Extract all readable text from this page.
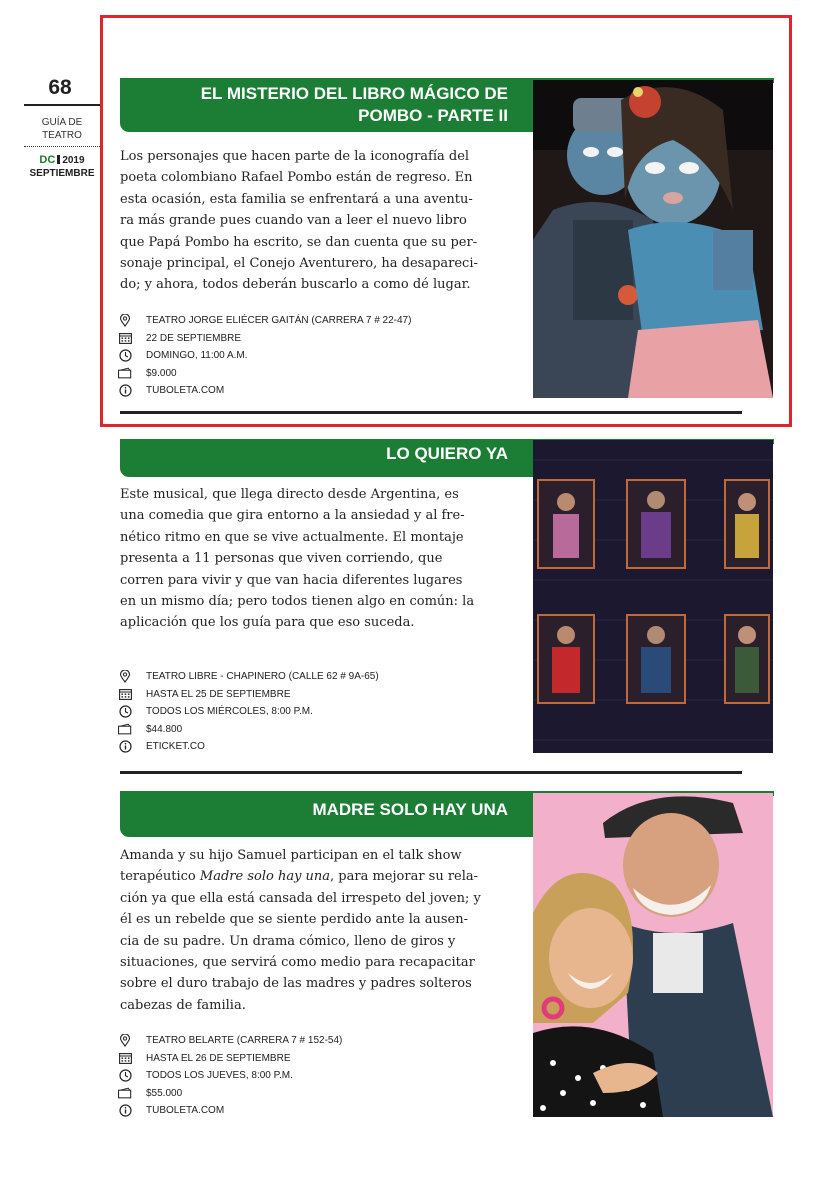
68
GUÍA DE
TEATRO
DC 2019
SEPTIEMBRE
EL MISTERIO DEL LIBRO MÁGICO DE
POMBO - PARTE II
Los personajes que hacen parte de la iconografía del
poeta colombiano Rafael Pombo están de regreso. En
esta ocasión, esta familia se enfrentará a una aventu-
ra más grande pues cuando van a leer el nuevo libro
que Papá Pombo ha escrito, se dan cuenta que su per-
sonaje principal, el Conejo Aventurero, ha desapareci-
do; y ahora, todos deberán buscarlo a como dé lugar.
TEATRO JORGE ELIÉCER GAITÁN (CARRERA 7 # 22-47)
22 DE SEPTIEMBRE
DOMINGO, 11:00 A.M.
$9.000
TUBOLETA.COM
LO QUIERO YA
Este musical, que llega directo desde Argentina, es
una comedia que gira entorno a la ansiedad y al fre-
nético ritmo en que se vive actualmente. El montaje
presenta a 11 personas que viven corriendo, que
corren para vivir y que van hacia diferentes lugares
en un mismo día; pero todos tienen algo en común: la
aplicación que los guía para que eso suceda.
TEATRO LIBRE - CHAPINERO (CALLE 62 # 9A-65)
HASTA EL 25 DE SEPTIEMBRE
TODOS LOS MIÉRCOLES, 8:00 P.M.
$44.800
ETICKET.CO
MADRE SOLO HAY UNA
Amanda y su hijo Samuel participan en el talk show
terapéutico Madre solo hay una, para mejorar su rela-
ción ya que ella está cansada del irrespeto del joven; y
él es un rebelde que se siente perdido ante la ausen-
cia de su padre. Un drama cómico, lleno de giros y
situaciones, que servirá como medio para recapacitar
sobre el duro trabajo de las madres y padres solteros
cabezas de familia.
TEATRO BELARTE (CARRERA 7 # 152-54)
HASTA EL 26 DE SEPTIEMBRE
TODOS LOS JUEVES, 8:00 P.M.
$55.000
TUBOLETA.COM
